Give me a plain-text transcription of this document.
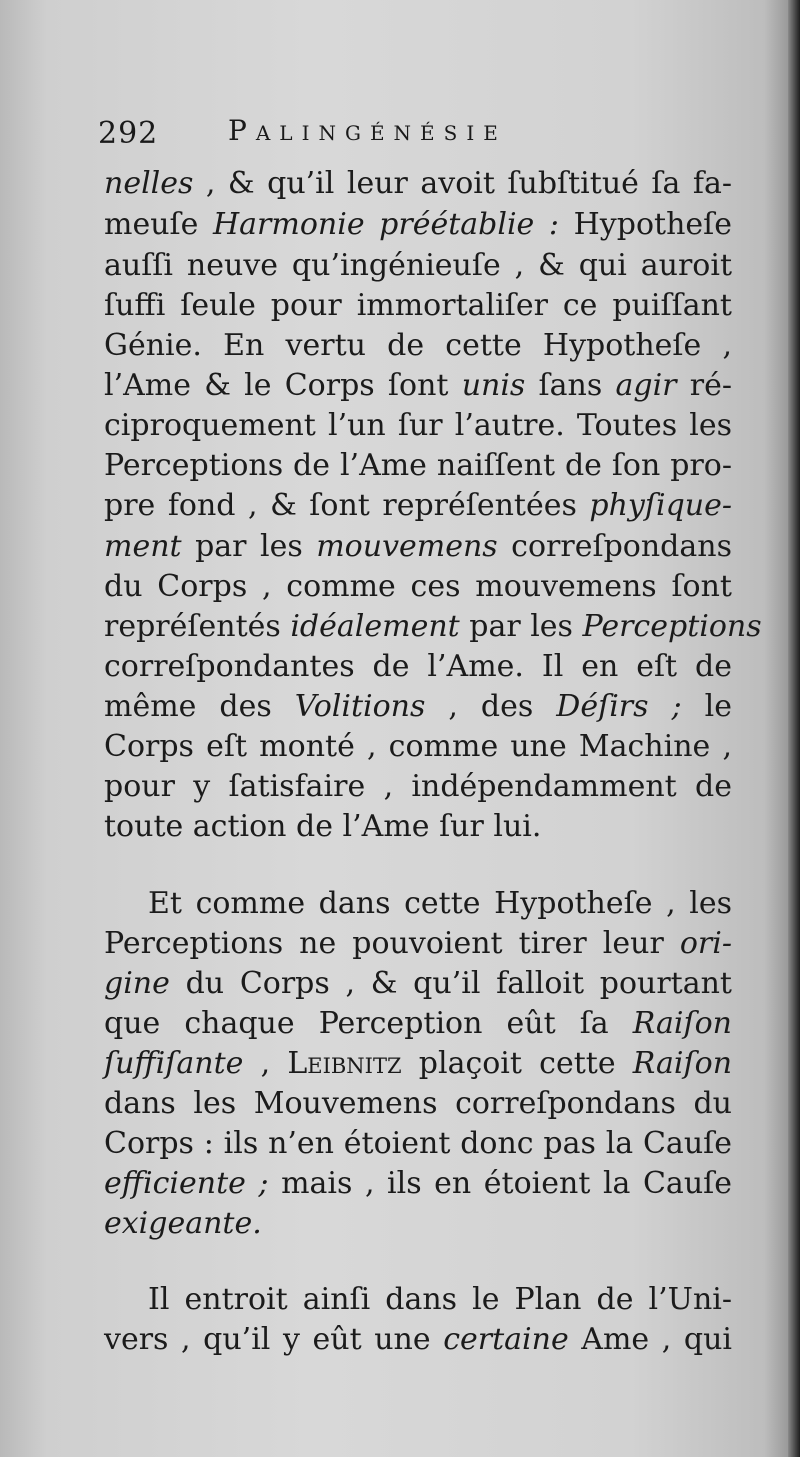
292 Palingénésie
nelles , & qu’il leur avoit ſubſtitué ſa fa-
meuſe Harmonie préétablie : Hypotheſe
auſſi neuve qu’ingénieuſe , & qui auroit
ſuffi ſeule pour immortaliſer ce puiſſant
Génie. En vertu de cette Hypotheſe ,
l’Ame & le Corps ſont unis ſans agir ré-
ciproquement l’un ſur l’autre. Toutes les
Perceptions de l’Ame naiſſent de ſon pro-
pre fond , & ſont repréſentées phyſique-
ment par les mouvemens correſpondans
du Corps , comme ces mouvemens ſont
repréſentés idéalement par les Perceptions
correſpondantes de l’Ame. Il en eſt de
même des Volitions , des Déſirs ; le
Corps eſt monté , comme une Machine ,
pour y ſatisfaire , indépendamment de
toute action de l’Ame ſur lui.
Et comme dans cette Hypotheſe , les
Perceptions ne pouvoient tirer leur ori-
gine du Corps , & qu’il falloit pourtant
que chaque Perception eût ſa Raiſon
ſuffiſante , Leibnitz plaçoit cette Raiſon
dans les Mouvemens correſpondans du
Corps : ils n’en étoient donc pas la Cauſe
efficiente ; mais , ils en étoient la Cauſe
exigeante.
Il entroit ainſi dans le Plan de l’Uni-
vers , qu’il y eût une certaine Ame , qui
